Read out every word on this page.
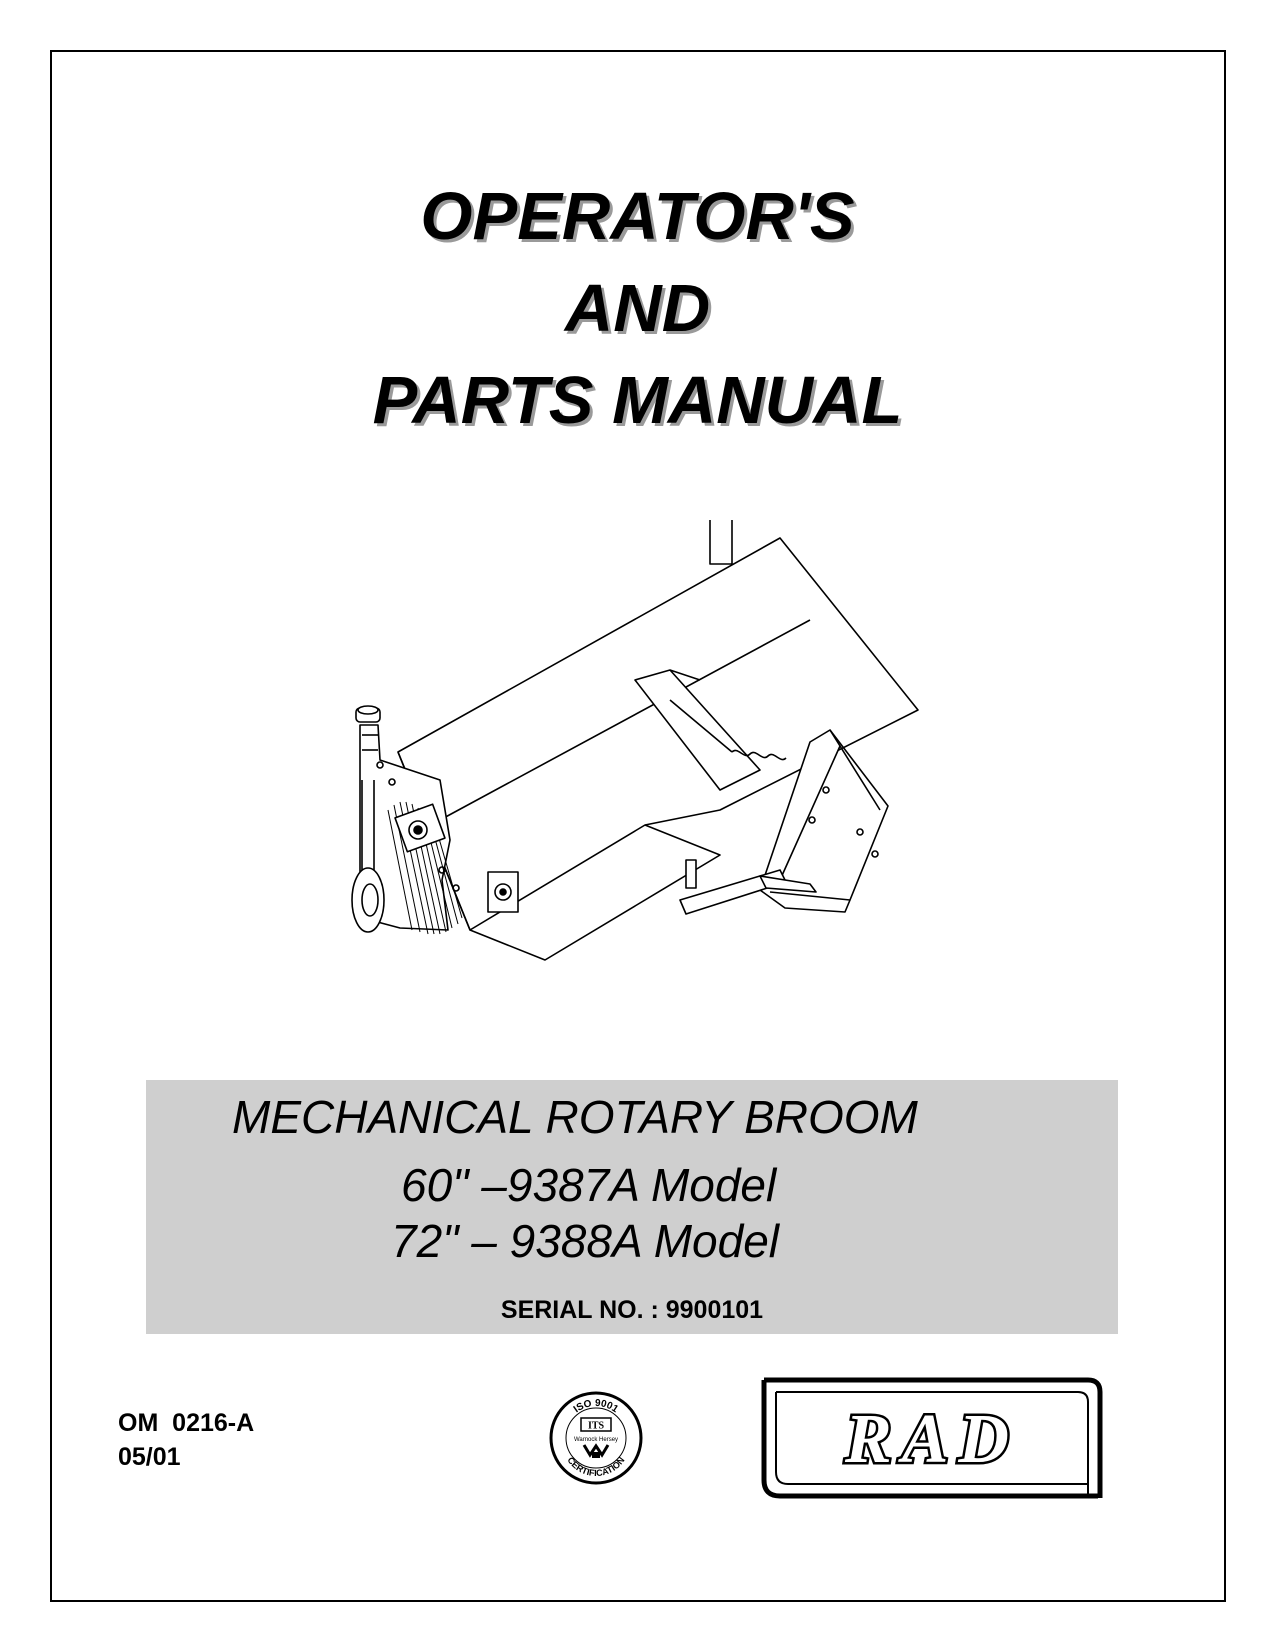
OPERATOR'S
AND
PARTS MANUAL
MECHANICAL ROTARY BROOM
60" –9387A Model
72" – 9388A Model
SERIAL NO. : 9900101
OM  0216-A
05/01
ISO 9001
ITS
Warnock Hersey
CERTIFICATION	RAD
